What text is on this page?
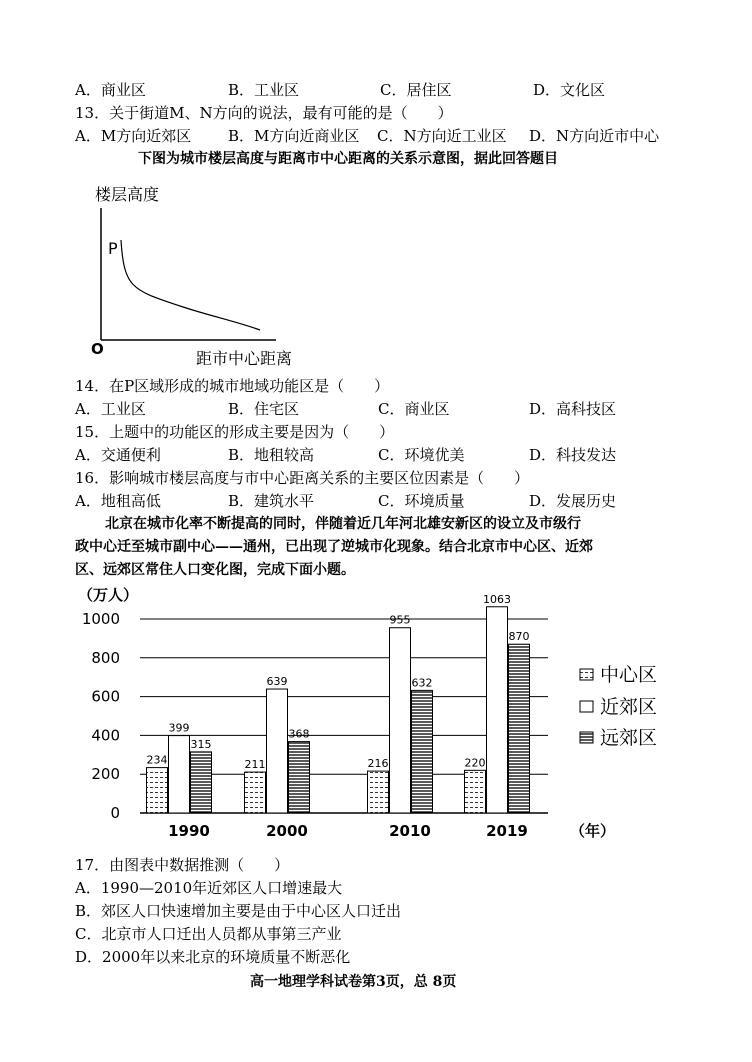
A．商业区	B．工业区	C．居住区	D．文化区
13．关于街道M、N方向的说法，最有可能的是（　　）
A．M方向近郊区 B．M方向近商业区 C．N方向近工业区 D．N方向近市中心
下图为城市楼层高度与距离市中心距离的关系示意图，据此回答题目
楼层高度
P
O	距市中心距离
14．在P区域形成的城市地域功能区是（　　）
A．工业区	B．住宅区	C．商业区	D．高科技区
15．上题中的功能区的形成主要是因为（　　）
A．交通便利	B．地租较高	C．环境优美	D．科技发达
16．影响城市楼层高度与市中心距离关系的主要区位因素是（　　）
A．地租高低	B．建筑水平	C．环境质量	D．发展历史
北京在城市化率不断提高的同时，伴随着近几年河北雄安新区的设立及市级行
政中心迁至城市副中心——通州，已出现了逆城市化现象。结合北京市中心区、近郊
区、远郊区常住人口变化图，完成下面小题。
（万人）
0
200
400
600
800
1000
234
399
315
211
639
368
216
955
632
220
1063
870
1990	2000	2010	2019	（年）
中心区
近郊区
远郊区
17．由图表中数据推测（　　）
A．1990—2010年近郊区人口增速最大
B．郊区人口快速增加主要是由于中心区人口迁出
C．北京市人口迁出人员都从事第三产业
D．2000年以来北京的环境质量不断恶化
高一地理学科试卷第3页，总 8页
